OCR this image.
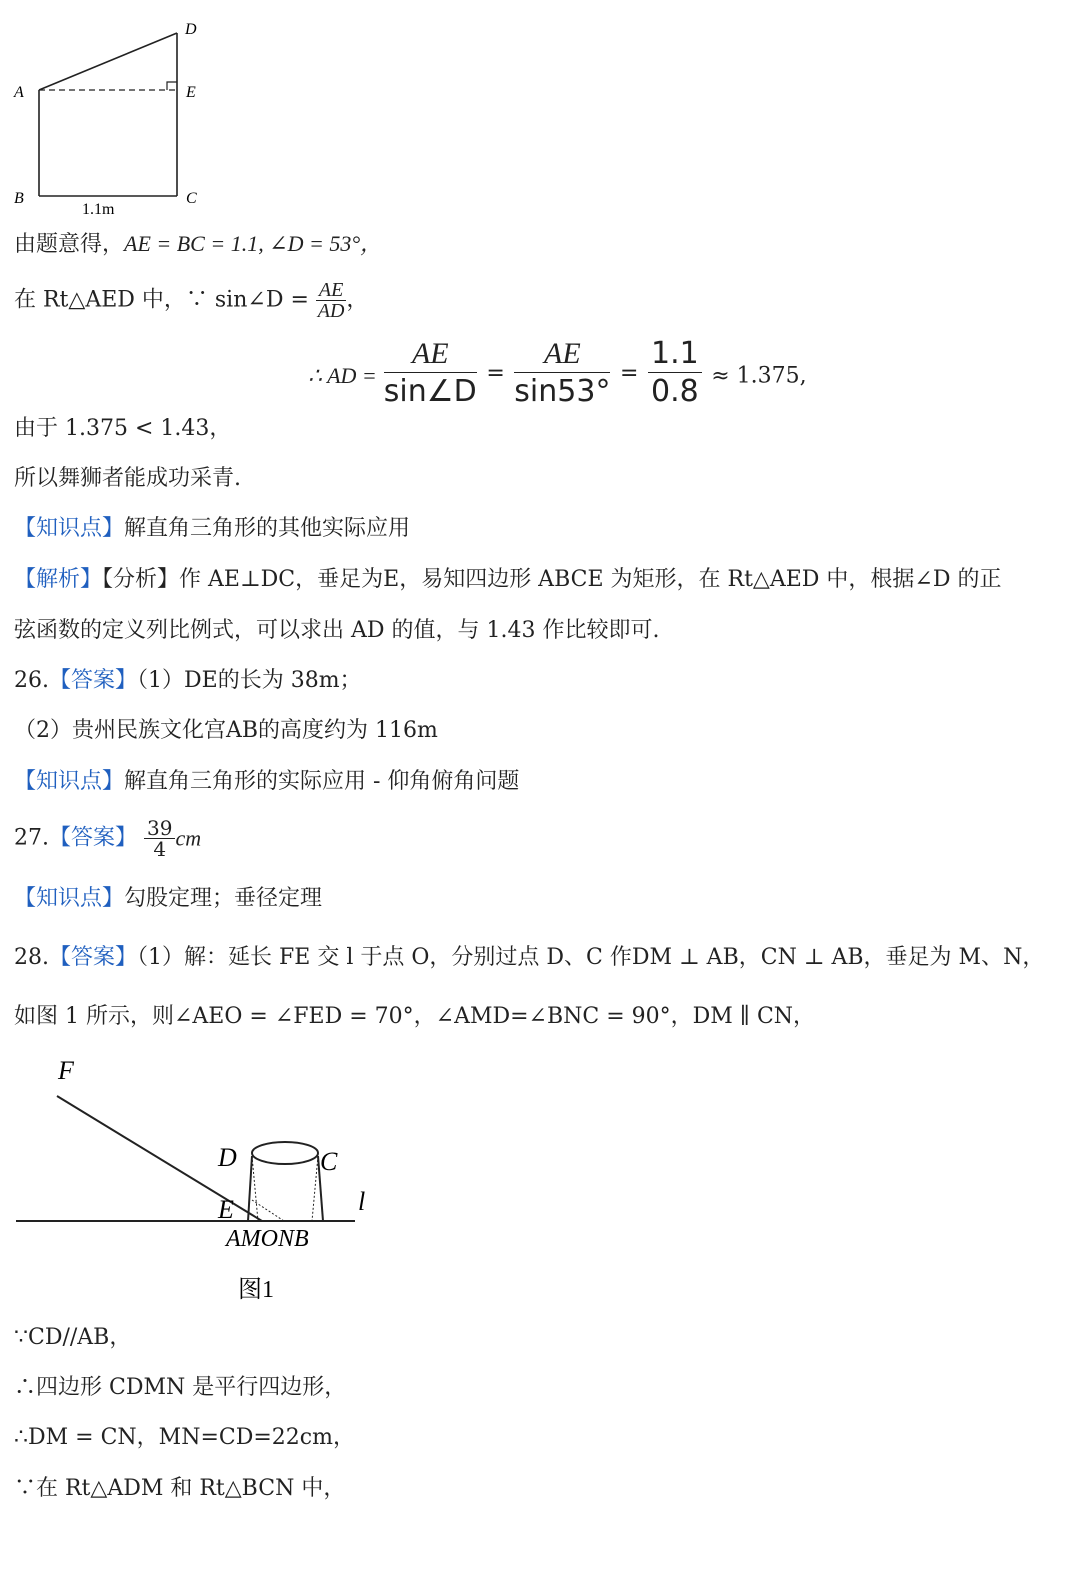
D
A	E
B	C
1.1m
由题意得，AE = BC = 1.1, ∠D = 53°，
在 Rt△AED 中，∵ sin∠D = $\frac{AE}{AD}$ ，
∴ AD = $\frac{AE}{\sin\angle D} = \frac{AE}{\sin 53^\circ} = \frac{1.1}{0.8} \approx 1.375$,
由于 1.375 < 1.43，
所以舞狮者能成功采青.
【知识点】解直角三角形的其他实际应用
【解析】【分析】作 AE⊥DC，垂足为E，易知四边形 ABCE 为矩形，在 Rt△AED 中，根据∠D 的正
弦函数的定义列比例式，可以求出 AD 的值，与 1.43 作比较即可.
26.【答案】（1）DE的长为 38m；
（2）贵州民族文化宫AB的高度约为 116m
【知识点】解直角三角形的实际应用 - 仰角俯角问题
27.【答案】 $\frac{39}{4}$ cm
【知识点】勾股定理；垂径定理
28.【答案】（1）解：延长 FE 交 l 于点 O，分别过点 D、C 作DM ⊥ AB，CN ⊥ AB，垂足为 M、N，
如图 1 所示，则∠AEO = ∠FED = 70°，∠AMD=∠BNC = 90°，DM ∥ CN，
F
D	C
E	l
AMONB
图1
∵CD//AB，
∴四边形 CDMN 是平行四边形，
∴DM = CN，MN=CD=22cm，
∵在 Rt△ADM 和 Rt△BCN 中，
